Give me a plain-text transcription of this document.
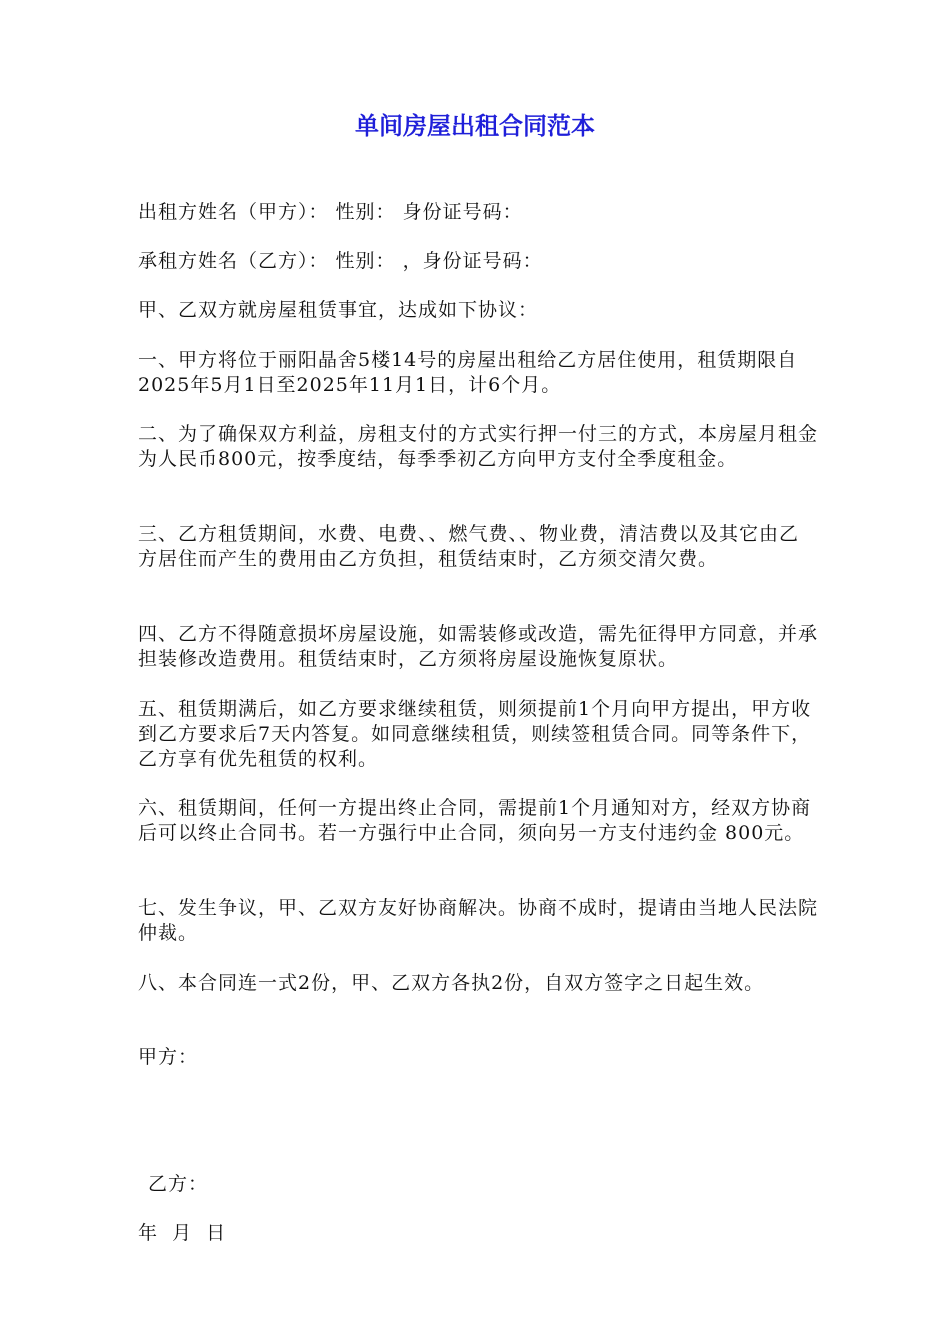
单间房屋出租合同范本

出租方姓名（甲方）： 性别： 身份证号码：

承租方姓名（乙方）： 性别： ，身份证号码：

甲、乙双方就房屋租赁事宜，达成如下协议：

一、甲方将位于丽阳晶舍5楼14号的房屋出租给乙方居住使用，租赁期限自2025年5月1日至2025年11月1日，计6个月。

二、为了确保双方利益，房租支付的方式实行押一付三的方式，本房屋月租金为人民币800元，按季度结，每季季初乙方向甲方支付全季度租金。

三、乙方租赁期间，水费、电费、、燃气费、、物业费，清洁费以及其它由乙方居住而产生的费用由乙方负担，租赁结束时，乙方须交清欠费。

四、乙方不得随意损坏房屋设施，如需装修或改造，需先征得甲方同意，并承担装修改造费用。租赁结束时，乙方须将房屋设施恢复原状。

五、租赁期满后，如乙方要求继续租赁，则须提前1个月向甲方提出，甲方收到乙方要求后7天内答复。如同意继续租赁，则续签租赁合同。同等条件下，乙方享有优先租赁的权利。

六、租赁期间，任何一方提出终止合同，需提前1个月通知对方，经双方协商后可以终止合同书。若一方强行中止合同，须向另一方支付违约金 800元。

七、发生争议，甲、乙双方友好协商解决。协商不成时，提请由当地人民法院仲裁。

八、本合同连一式2份，甲、乙双方各执2份，自双方签字之日起生效。

甲方：

乙方：

年  月  日
